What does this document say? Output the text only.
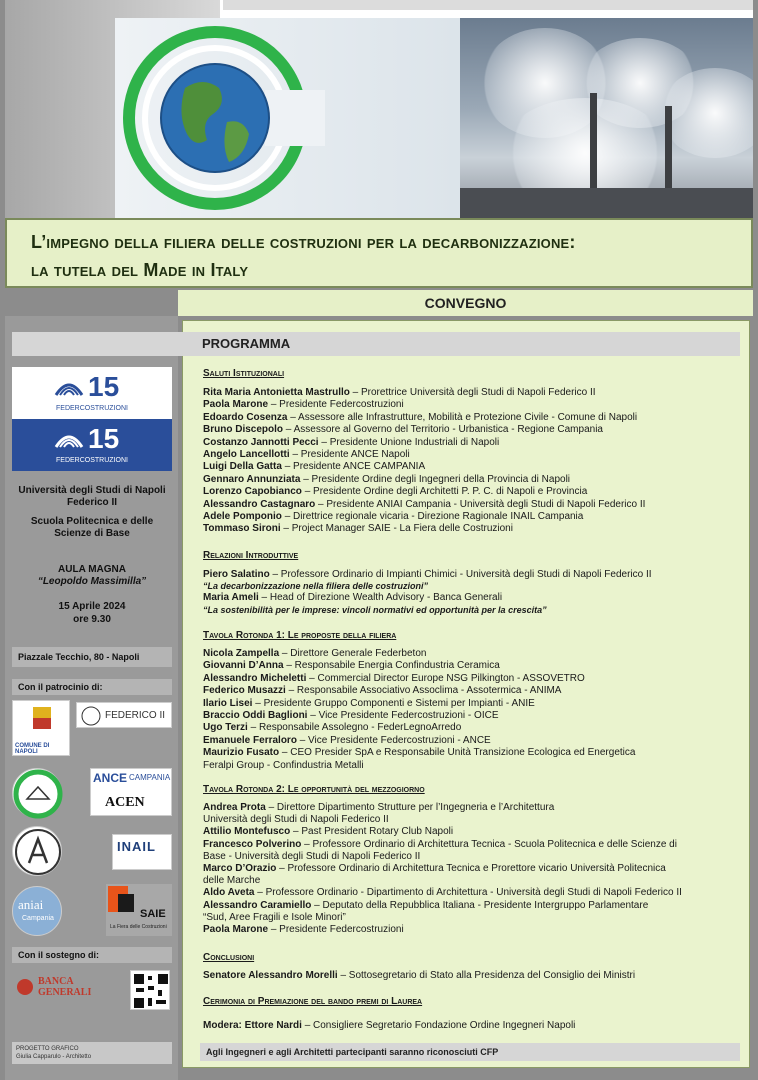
L’impegno della filiera delle costruzioni per la decarbonizzazione:
la tutela del Made in Italy
CONVEGNO
PROGRAMMA
15
FEDERCOSTRUZIONI
15
FEDERCOSTRUZIONI
Università degli Studi di Napoli Federico II
Scuola Politecnica e delle Scienze di Base
AULA MAGNA
“Leopoldo Massimilla”
15 Aprile 2024
ore 9.30
Piazzale Tecchio, 80 - Napoli
Con il patrocinio di:
COMUNE DI NAPOLI
FEDERICO II
ANCE CAMPANIA
ACEN
INAIL
aniai
Campania	SAIE
La Fiera delle Costruzioni
Con il sostegno di:
BANCA GENERALI
PROGETTO GRAFICO
Giulia Capparulo - Architetto
Saluti Istituzionali
Rita Maria Antonietta Mastrullo – Prorettrice Università degli Studi di Napoli Federico II
Paola Marone – Presidente Federcostruzioni
Edoardo Cosenza – Assessore alle Infrastrutture, Mobilità e Protezione Civile - Comune di Napoli
Bruno Discepolo – Assessore al Governo del Territorio - Urbanistica - Regione Campania
Costanzo Jannotti Pecci – Presidente Unione Industriali di Napoli
Angelo Lancellotti – Presidente ANCE Napoli
Luigi Della Gatta – Presidente ANCE CAMPANIA
Gennaro Annunziata – Presidente Ordine degli Ingegneri della Provincia di Napoli
Lorenzo Capobianco – Presidente Ordine degli Architetti P. P. C. di Napoli e Provincia
Alessandro Castagnaro – Presidente ANIAI Campania - Università degli Studi di Napoli Federico II
Adele Pomponio – Direttrice regionale vicaria - Direzione Ragionale INAIL Campania
Tommaso Sironi – Project Manager SAIE - La Fiera delle Costruzioni
Relazioni Introduttive
Piero Salatino – Professore Ordinario di Impianti Chimici - Università degli Studi di Napoli Federico II
“La decarbonizzazione nella filiera delle costruzioni”
Maria Ameli – Head of Direzione Wealth Advisory - Banca Generali
“La sostenibilità per le imprese: vincoli normativi ed opportunità per la crescita”
Tavola Rotonda 1: Le proposte della filiera
Nicola Zampella – Direttore Generale Federbeton
Giovanni D’Anna – Responsabile Energia Confindustria Ceramica
Alessandro Micheletti – Commercial Director Europe NSG Pilkington - ASSOVETRO
Federico Musazzi – Responsabile Associativo Assoclima - Assotermica - ANIMA
Ilario Lisei – Presidente Gruppo Componenti e Sistemi per Impianti - ANIE
Braccio Oddi Baglioni – Vice Presidente Federcostruzioni - OICE
Ugo Terzi – Responsabile Assolegno - FederLegnoArredo
Emanuele Ferraloro – Vice Presidente Federcostruzioni - ANCE
Maurizio Fusato – CEO Presider SpA e Responsabile Unità Transizione Ecologica ed Energetica
Feralpi Group - Confindustria Metalli
Tavola Rotonda 2: Le opportunità del mezzogiorno
Andrea Prota – Direttore Dipartimento Strutture per l’Ingegneria e l’Architettura
Università degli Studi di Napoli Federico II
Attilio Montefusco – Past President Rotary Club Napoli
Francesco Polverino – Professore Ordinario di Architettura Tecnica - Scuola Politecnica e delle Scienze di
Base - Università degli Studi di Napoli Federico II
Marco D’Orazio – Professore Ordinario di Architettura Tecnica e Prorettore vicario Università Politecnica
delle Marche
Aldo Aveta – Professore Ordinario - Dipartimento di Architettura - Università degli Studi di Napoli Federico II
Alessandro Caramiello – Deputato della Repubblica Italiana - Presidente Intergruppo Parlamentare
“Sud, Aree Fragili e Isole Minori”
Paola Marone – Presidente Federcostruzioni
Conclusioni
Senatore Alessandro Morelli – Sottosegretario di Stato alla Presidenza del Consiglio dei Ministri
Cerimonia di Premiazione del bando premi di Laurea
Modera: Ettore Nardi – Consigliere Segretario Fondazione Ordine Ingegneri Napoli
Agli Ingegneri e agli Architetti partecipanti saranno riconosciuti CFP
